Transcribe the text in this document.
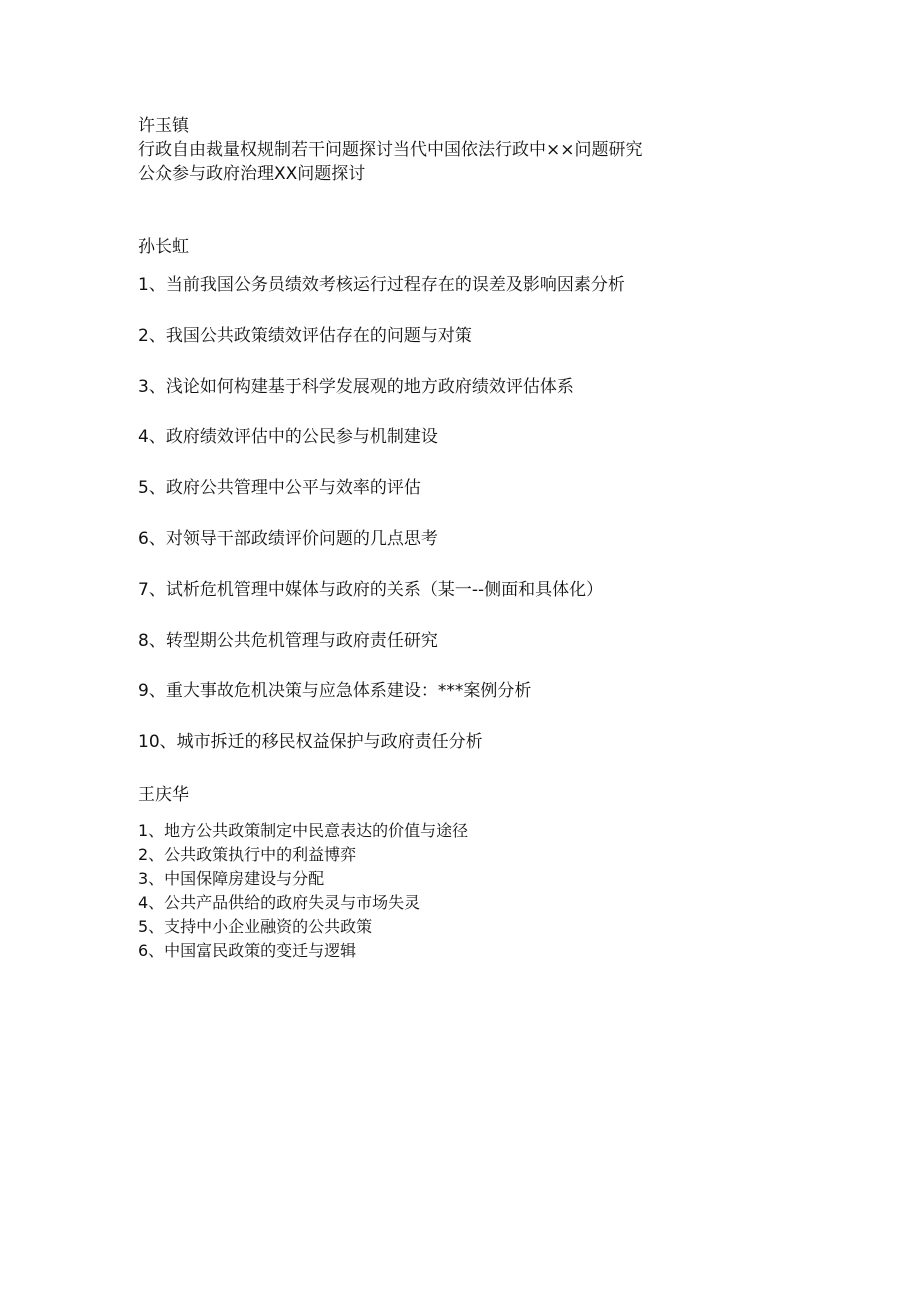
许玉镇
行政自由裁量权规制若干问题探讨当代中国依法行政中××问题研究
公众参与政府治理XX问题探讨
孙长虹
1、当前我国公务员绩效考核运行过程存在的误差及影响因素分析
2、我国公共政策绩效评估存在的问题与对策
3、浅论如何构建基于科学发展观的地方政府绩效评估体系
4、政府绩效评估中的公民参与机制建设
5、政府公共管理中公平与效率的评估
6、对领导干部政绩评价问题的几点思考
7、试析危机管理中媒体与政府的关系（某一--侧面和具体化）
8、转型期公共危机管理与政府责任研究
9、重大事故危机决策与应急体系建设：***案例分析
10、城市拆迁的移民权益保护与政府责任分析
王庆华
1、地方公共政策制定中民意表达的价值与途径
2、公共政策执行中的利益博弈
3、中国保障房建设与分配
4、公共产品供给的政府失灵与市场失灵
5、支持中小企业融资的公共政策
6、中国富民政策的变迁与逻辑
